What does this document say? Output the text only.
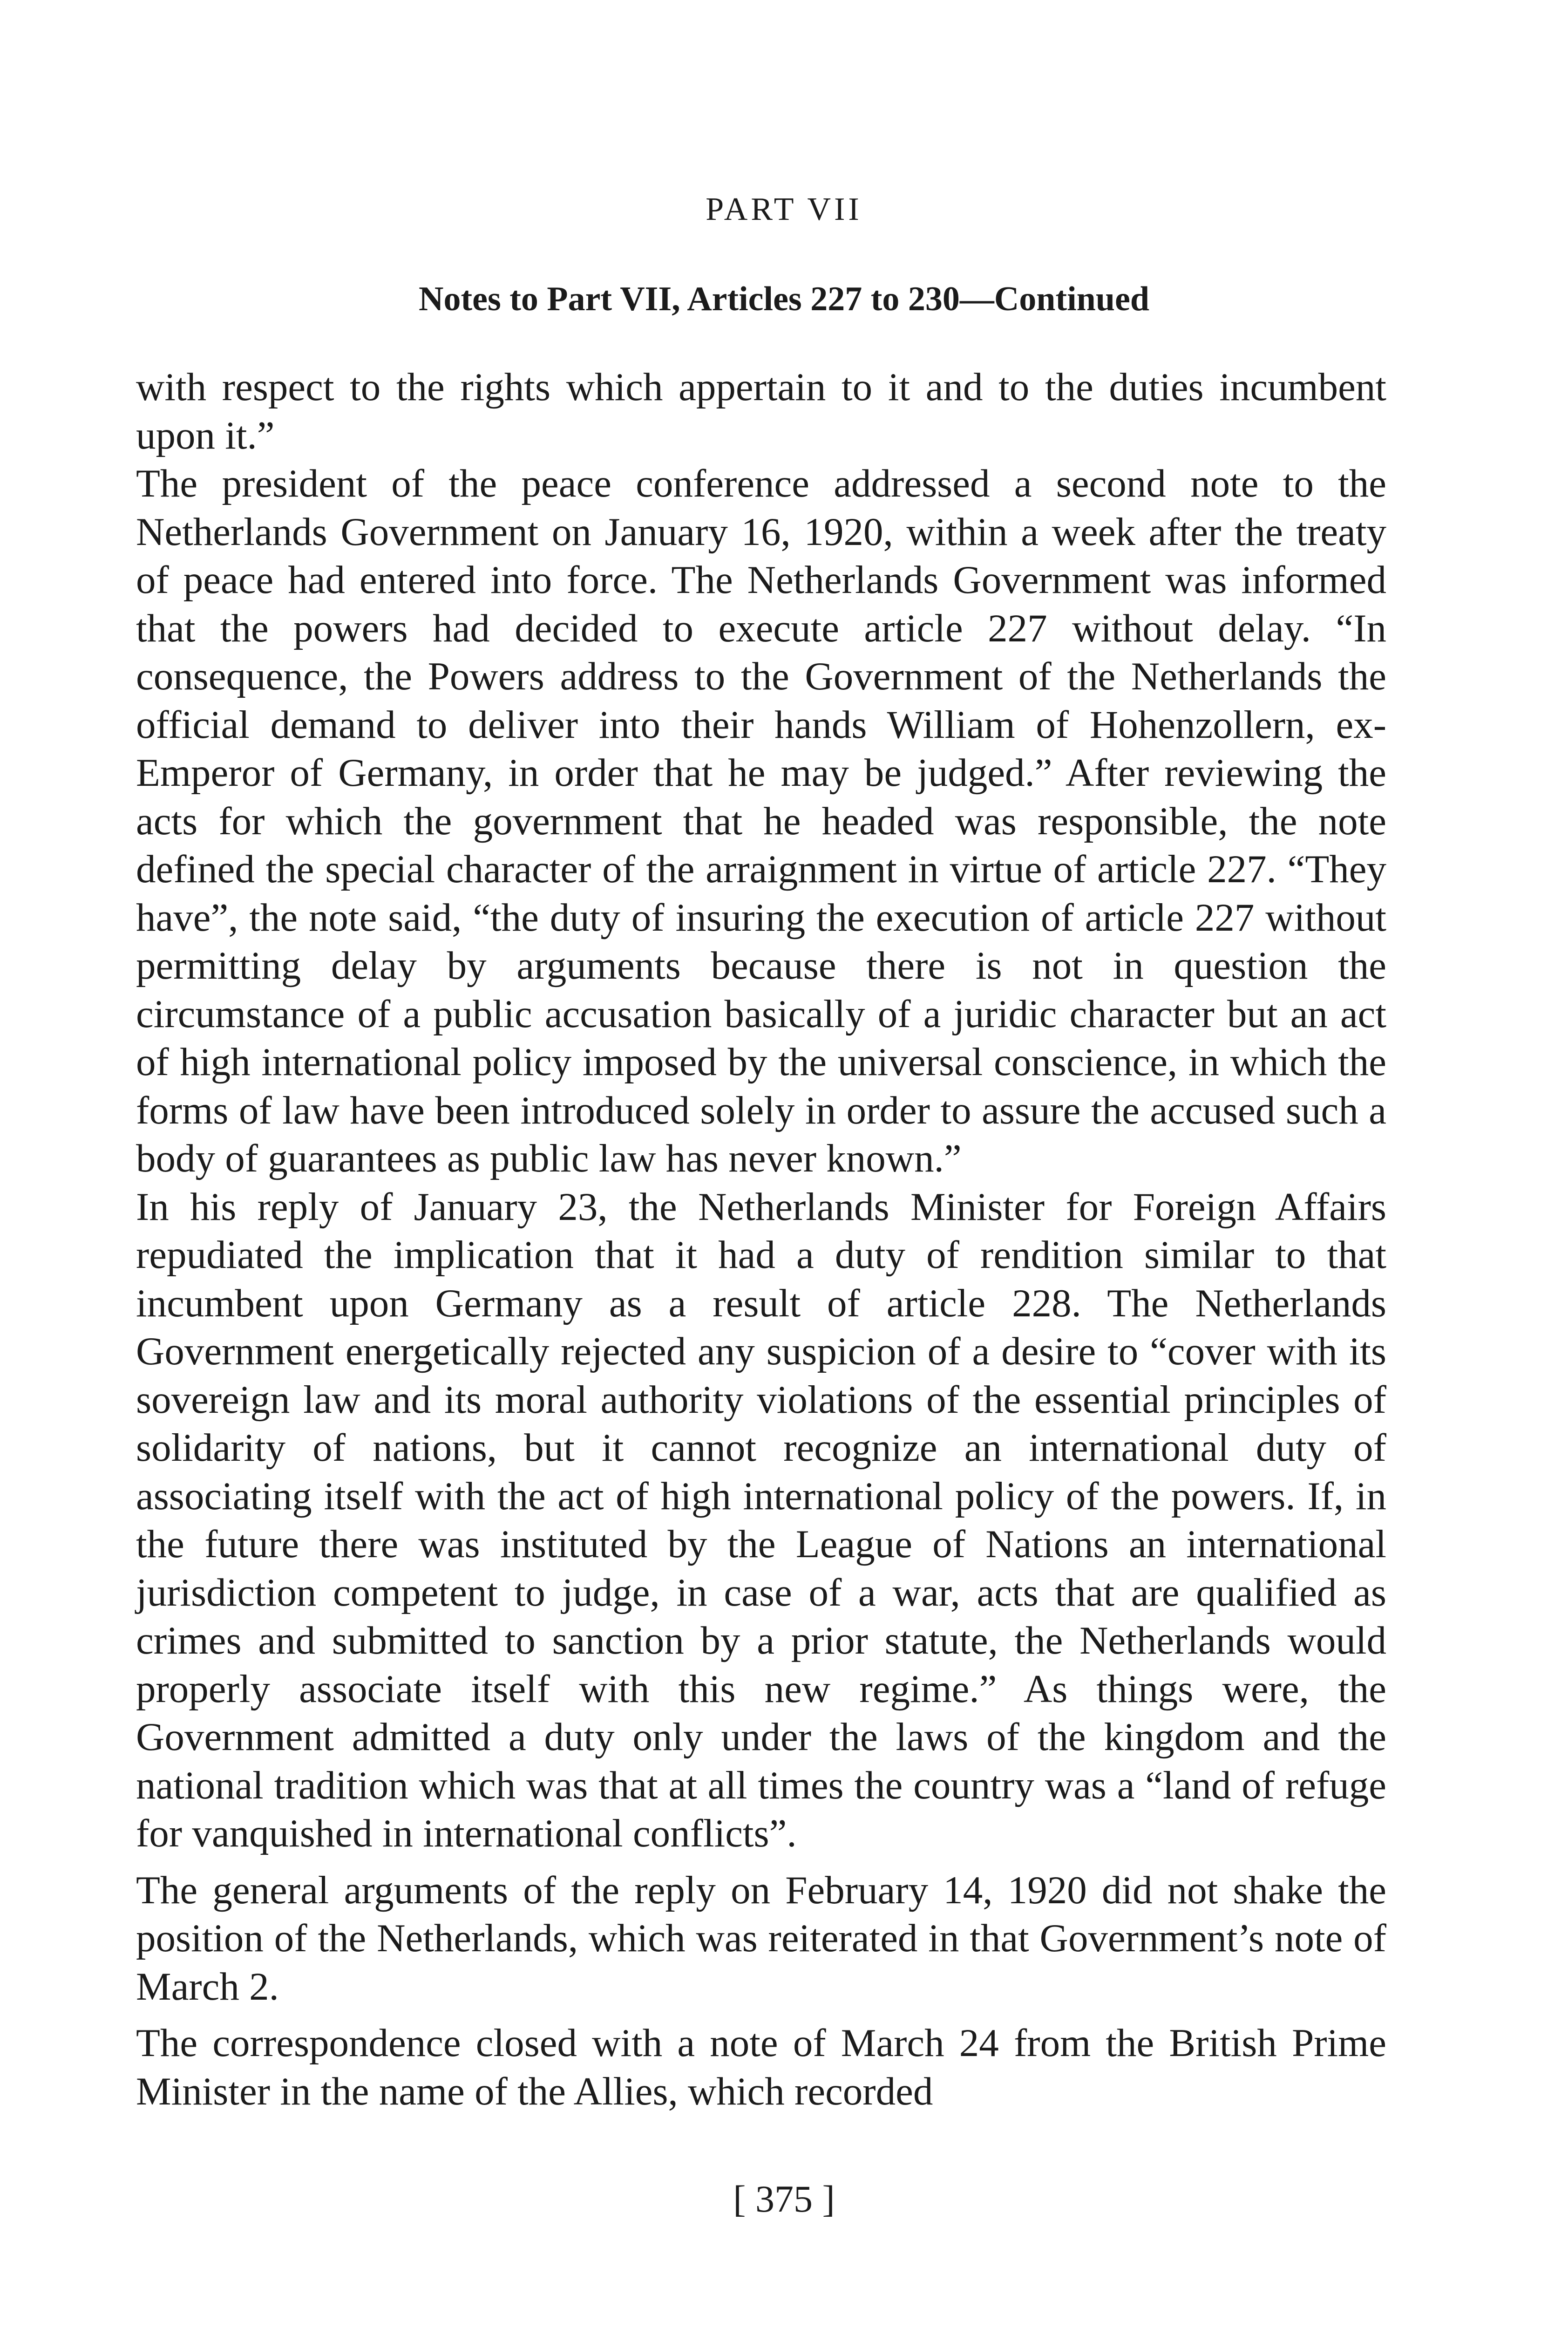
PART VII
Notes to Part VII, Articles 227 to 230—Continued

with respect to the rights which appertain to it and to the duties incumbent upon it.”

The president of the peace conference addressed a second note to the Netherlands Government on January 16, 1920, within a week after the treaty of peace had entered into force. The Netherlands Government was informed that the powers had decided to execute article 227 without delay. “In consequence, the Powers address to the Government of the Netherlands the official demand to deliver into their hands William of Hohenzollern, ex-Emperor of Germany, in order that he may be judged.” After reviewing the acts for which the government that he headed was responsible, the note defined the special character of the arraignment in virtue of article 227. “They have”, the note said, “the duty of insuring the execution of article 227 without permitting delay by arguments because there is not in question the circumstance of a public accusation basically of a juridic character but an act of high international policy imposed by the universal conscience, in which the forms of law have been introduced solely in order to assure the accused such a body of guarantees as public law has never known.”

In his reply of January 23, the Netherlands Minister for Foreign Affairs repudiated the implication that it had a duty of rendition similar to that incumbent upon Germany as a result of article 228. The Netherlands Government energetically rejected any suspicion of a desire to “cover with its sovereign law and its moral authority violations of the essential principles of solidarity of nations, but it cannot recognize an international duty of associating itself with the act of high international policy of the powers. If, in the future there was instituted by the League of Nations an international jurisdiction competent to judge, in case of a war, acts that are qualified as crimes and submitted to sanction by a prior statute, the Netherlands would properly associate itself with this new regime.” As things were, the Government admitted a duty only under the laws of the kingdom and the national tradition which was that at all times the country was a “land of refuge for vanquished in international conflicts”.

The general arguments of the reply on February 14, 1920 did not shake the position of the Netherlands, which was reiterated in that Government’s note of March 2.

The correspondence closed with a note of March 24 from the British Prime Minister in the name of the Allies, which recorded

[ 375 ]
